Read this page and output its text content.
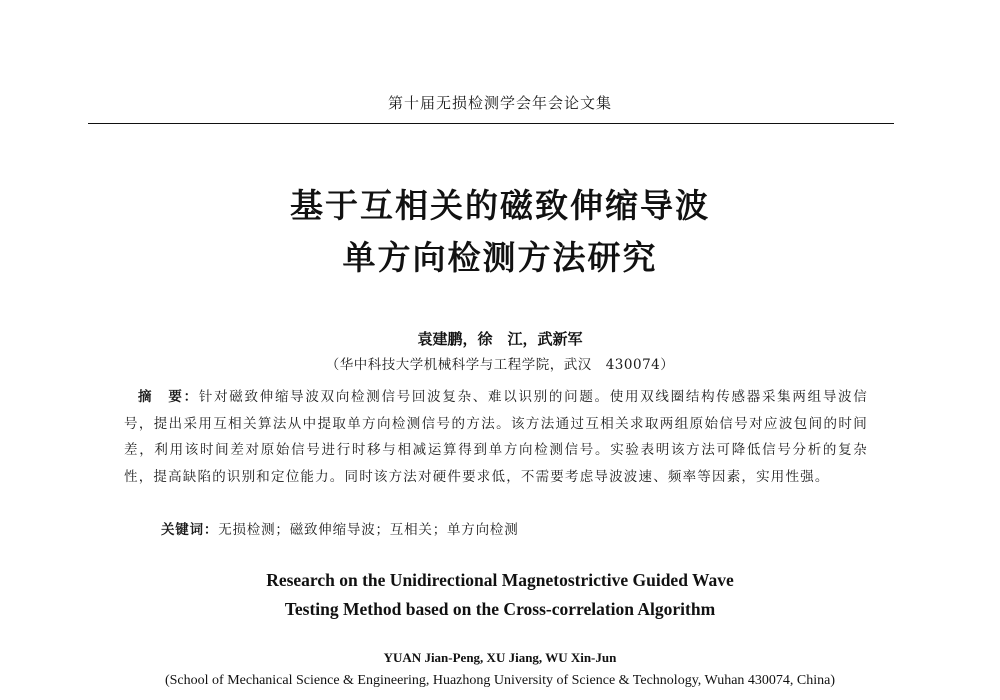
第十届无损检测学会年会论文集
基于互相关的磁致伸缩导波
单方向检测方法研究
袁建鹏，徐　江，武新军
（华中科技大学机械科学与工程学院，武汉　430074）
摘　要：针对磁致伸缩导波双向检测信号回波复杂、难以识别的问题。使用双线圈结构传感器采集两组导波信号，提出采用互相关算法从中提取单方向检测信号的方法。该方法通过互相关求取两组原始信号对应波包间的时间差，利用该时间差对原始信号进行时移与相减运算得到单方向检测信号。实验表明该方法可降低信号分析的复杂性，提高缺陷的识别和定位能力。同时该方法对硬件要求低，不需要考虑导波波速、频率等因素，实用性强。
关键词：无损检测；磁致伸缩导波；互相关；单方向检测
Research on the Unidirectional Magnetostrictive Guided Wave
Testing Method based on the Cross-correlation Algorithm
YUAN Jian-Peng, XU Jiang, WU Xin-Jun
(School of Mechanical Science & Engineering, Huazhong University of Science & Technology, Wuhan 430074, China)
